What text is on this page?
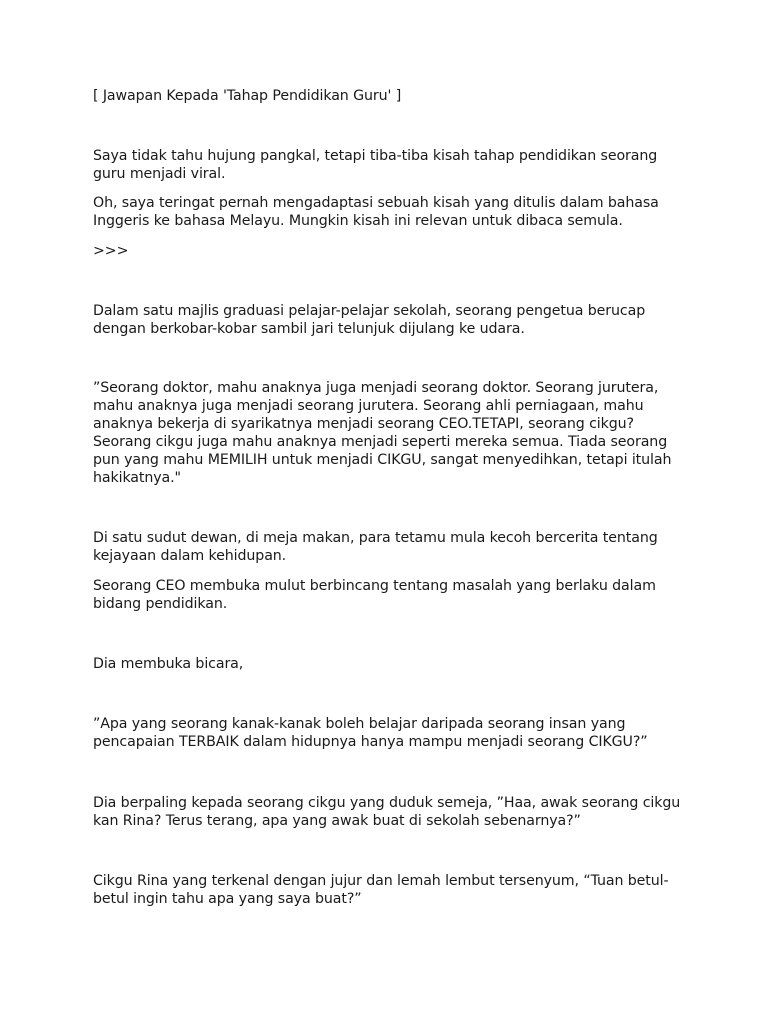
[ Jawapan Kepada 'Tahap Pendidikan Guru' ]

Saya tidak tahu hujung pangkal, tetapi tiba-tiba kisah tahap pendidikan seorang guru menjadi viral.

Oh, saya teringat pernah mengadaptasi sebuah kisah yang ditulis dalam bahasa Inggeris ke bahasa Melayu. Mungkin kisah ini relevan untuk dibaca semula.

>>>

Dalam satu majlis graduasi pelajar-pelajar sekolah, seorang pengetua berucap dengan berkobar-kobar sambil jari telunjuk dijulang ke udara.

”Seorang doktor, mahu anaknya juga menjadi seorang doktor. Seorang jurutera, mahu anaknya juga menjadi seorang jurutera. Seorang ahli perniagaan, mahu anaknya bekerja di syarikatnya menjadi seorang CEO.TETAPI, seorang cikgu? Seorang cikgu juga mahu anaknya menjadi seperti mereka semua. Tiada seorang pun yang mahu MEMILIH untuk menjadi CIKGU, sangat menyedihkan, tetapi itulah hakikatnya."

Di satu sudut dewan, di meja makan, para tetamu mula kecoh bercerita tentang kejayaan dalam kehidupan.

Seorang CEO membuka mulut berbincang tentang masalah yang berlaku dalam bidang pendidikan.

Dia membuka bicara,

”Apa yang seorang kanak-kanak boleh belajar daripada seorang insan yang pencapaian TERBAIK dalam hidupnya hanya mampu menjadi seorang CIKGU?”

Dia berpaling kepada seorang cikgu yang duduk semeja, ”Haa, awak seorang cikgu kan Rina? Terus terang, apa yang awak buat di sekolah sebenarnya?”

Cikgu Rina yang terkenal dengan jujur dan lemah lembut tersenyum, “Tuan betul-betul ingin tahu apa yang saya buat?”
